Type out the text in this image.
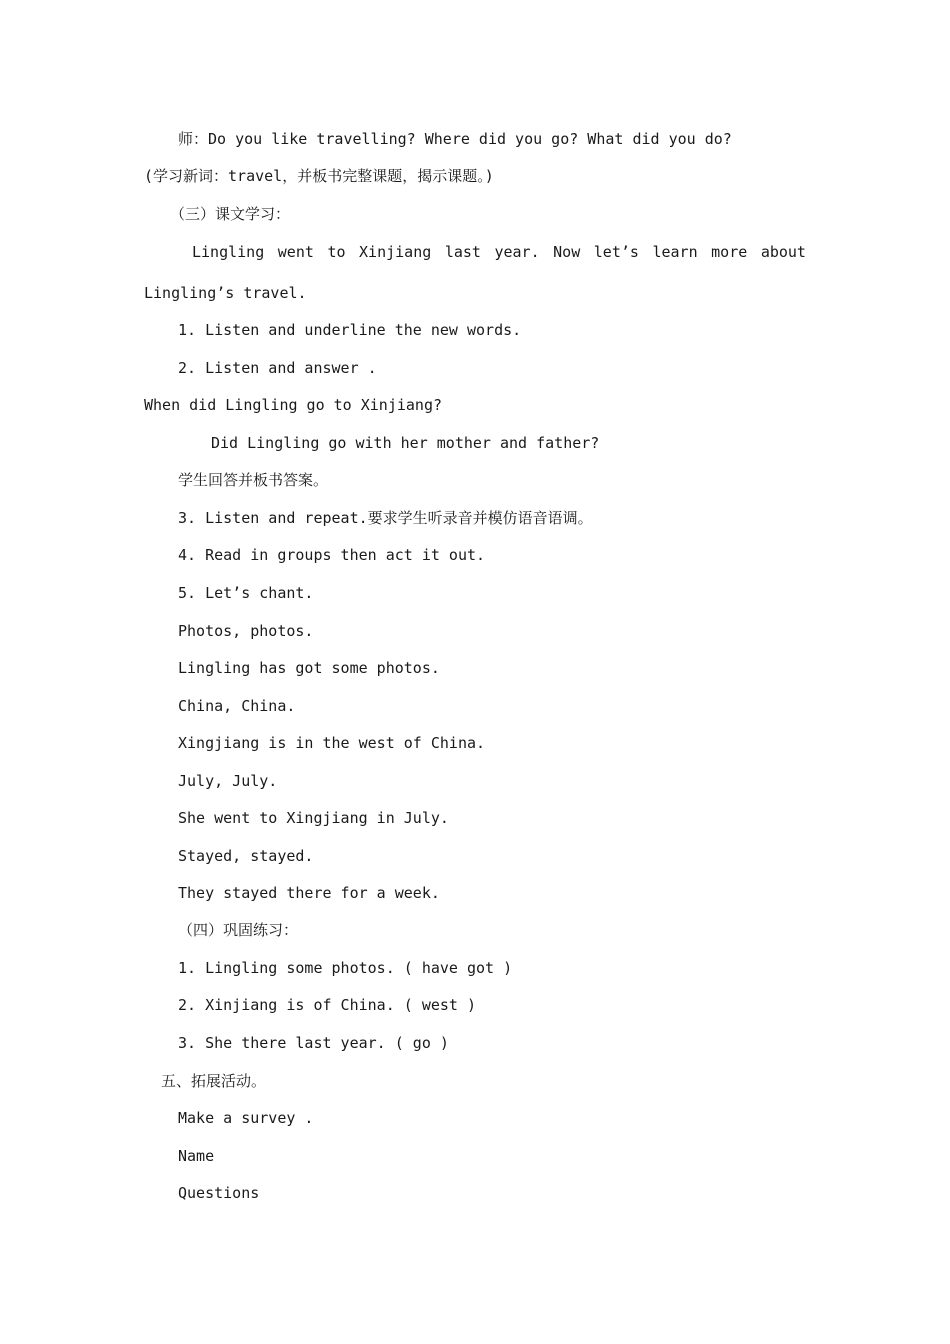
师：Do you like travelling? Where did you go? What did you do?
(学习新词：travel，并板书完整课题，揭示课题。)
（三）课文学习：
Lingling went to Xinjiang last year. Now let’s learn more about
Lingling’s travel.
1. Listen and underline the new words.
2. Listen and answer .
When did Lingling go to Xinjiang?
Did Lingling go with her mother and father?
学生回答并板书答案。
3. Listen and repeat.要求学生听录音并模仿语音语调。
4. Read in groups then act it out.
5. Let’s chant.
Photos, photos.
Lingling has got some photos.
China, China.
Xingjiang is in the west of China.
July, July.
She went to Xingjiang in July.
Stayed, stayed.
They stayed there for a week.
（四）巩固练习：
1. Lingling some photos. ( have got )
2. Xinjiang is of China. ( west )
3. She there last year. ( go )
五、拓展活动。
Make a survey .
Name
Questions
